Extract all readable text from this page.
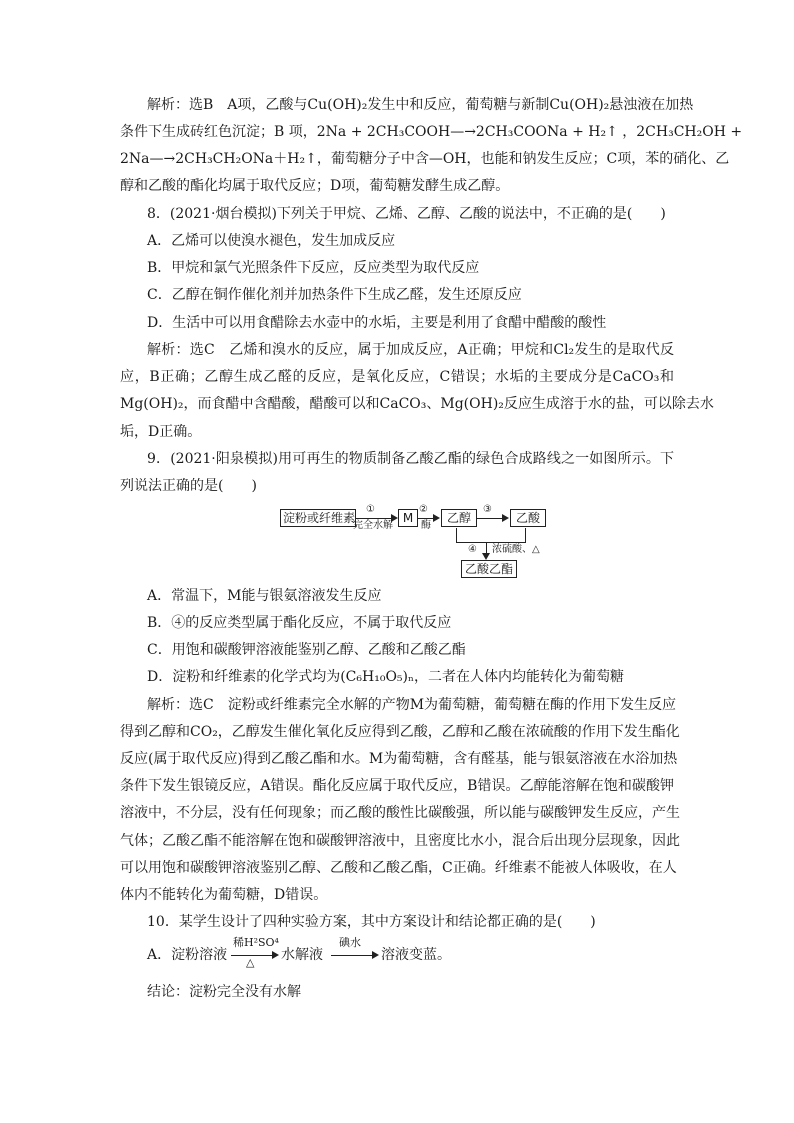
解析：选B　A项，乙酸与Cu(OH)₂发生中和反应，葡萄糖与新制Cu(OH)₂悬浊液在加热
条件下生成砖红色沉淀；B 项，2Na + 2CH₃COOH—→2CH₃COONa + H₂↑ ，2CH₃CH₂OH +
2Na—→2CH₃CH₂ONa＋H₂↑，葡萄糖分子中含—OH，也能和钠发生反应；C项，苯的硝化、乙
醇和乙酸的酯化均属于取代反应；D项，葡萄糖发酵生成乙醇。
8．(2021·烟台模拟)下列关于甲烷、乙烯、乙醇、乙酸的说法中，不正确的是(　　)
A．乙烯可以使溴水褪色，发生加成反应
B．甲烷和氯气光照条件下反应，反应类型为取代反应
C．乙醇在铜作催化剂并加热条件下生成乙醛，发生还原反应
D．生活中可以用食醋除去水壶中的水垢，主要是利用了食醋中醋酸的酸性
解析：选C　乙烯和溴水的反应，属于加成反应，A正确；甲烷和Cl₂发生的是取代反
应，B正确；乙醇生成乙醛的反应，是氧化反应，C错误；水垢的主要成分是CaCO₃和
Mg(OH)₂，而食醋中含醋酸，醋酸可以和CaCO₃、Mg(OH)₂反应生成溶于水的盐，可以除去水
垢，D正确。
9．(2021·阳泉模拟)用可再生的物质制备乙酸乙酯的绿色合成路线之一如图所示。下
列说法正确的是(　　)
淀粉或纤维素
①
完全水解
M
②
酶
乙醇
③
乙酸
④ 浓硫酸、△
乙酸乙酯
A．常温下，M能与银氨溶液发生反应
B．④的反应类型属于酯化反应，不属于取代反应
C．用饱和碳酸钾溶液能鉴别乙醇、乙酸和乙酸乙酯
D．淀粉和纤维素的化学式均为(C₆H₁₀O₅)ₙ，二者在人体内均能转化为葡萄糖
解析：选C　淀粉或纤维素完全水解的产物M为葡萄糖，葡萄糖在酶的作用下发生反应
得到乙醇和CO₂，乙醇发生催化氧化反应得到乙酸，乙醇和乙酸在浓硫酸的作用下发生酯化
反应(属于取代反应)得到乙酸乙酯和水。M为葡萄糖，含有醛基，能与银氨溶液在水浴加热
条件下发生银镜反应，A错误。酯化反应属于取代反应，B错误。乙醇能溶解在饱和碳酸钾
溶液中，不分层，没有任何现象；而乙酸的酸性比碳酸强，所以能与碳酸钾发生反应，产生
气体；乙酸乙酯不能溶解在饱和碳酸钾溶液中，且密度比水小，混合后出现分层现象，因此
可以用饱和碳酸钾溶液鉴别乙醇、乙酸和乙酸乙酯，C正确。纤维素不能被人体吸收，在人
体内不能转化为葡萄糖，D错误。
10．某学生设计了四种实验方案，其中方案设计和结论都正确的是(　　)
A．淀粉溶液
稀H²SO⁴
△ 水解液
碘水
溶液变蓝。
结论：淀粉完全没有水解
